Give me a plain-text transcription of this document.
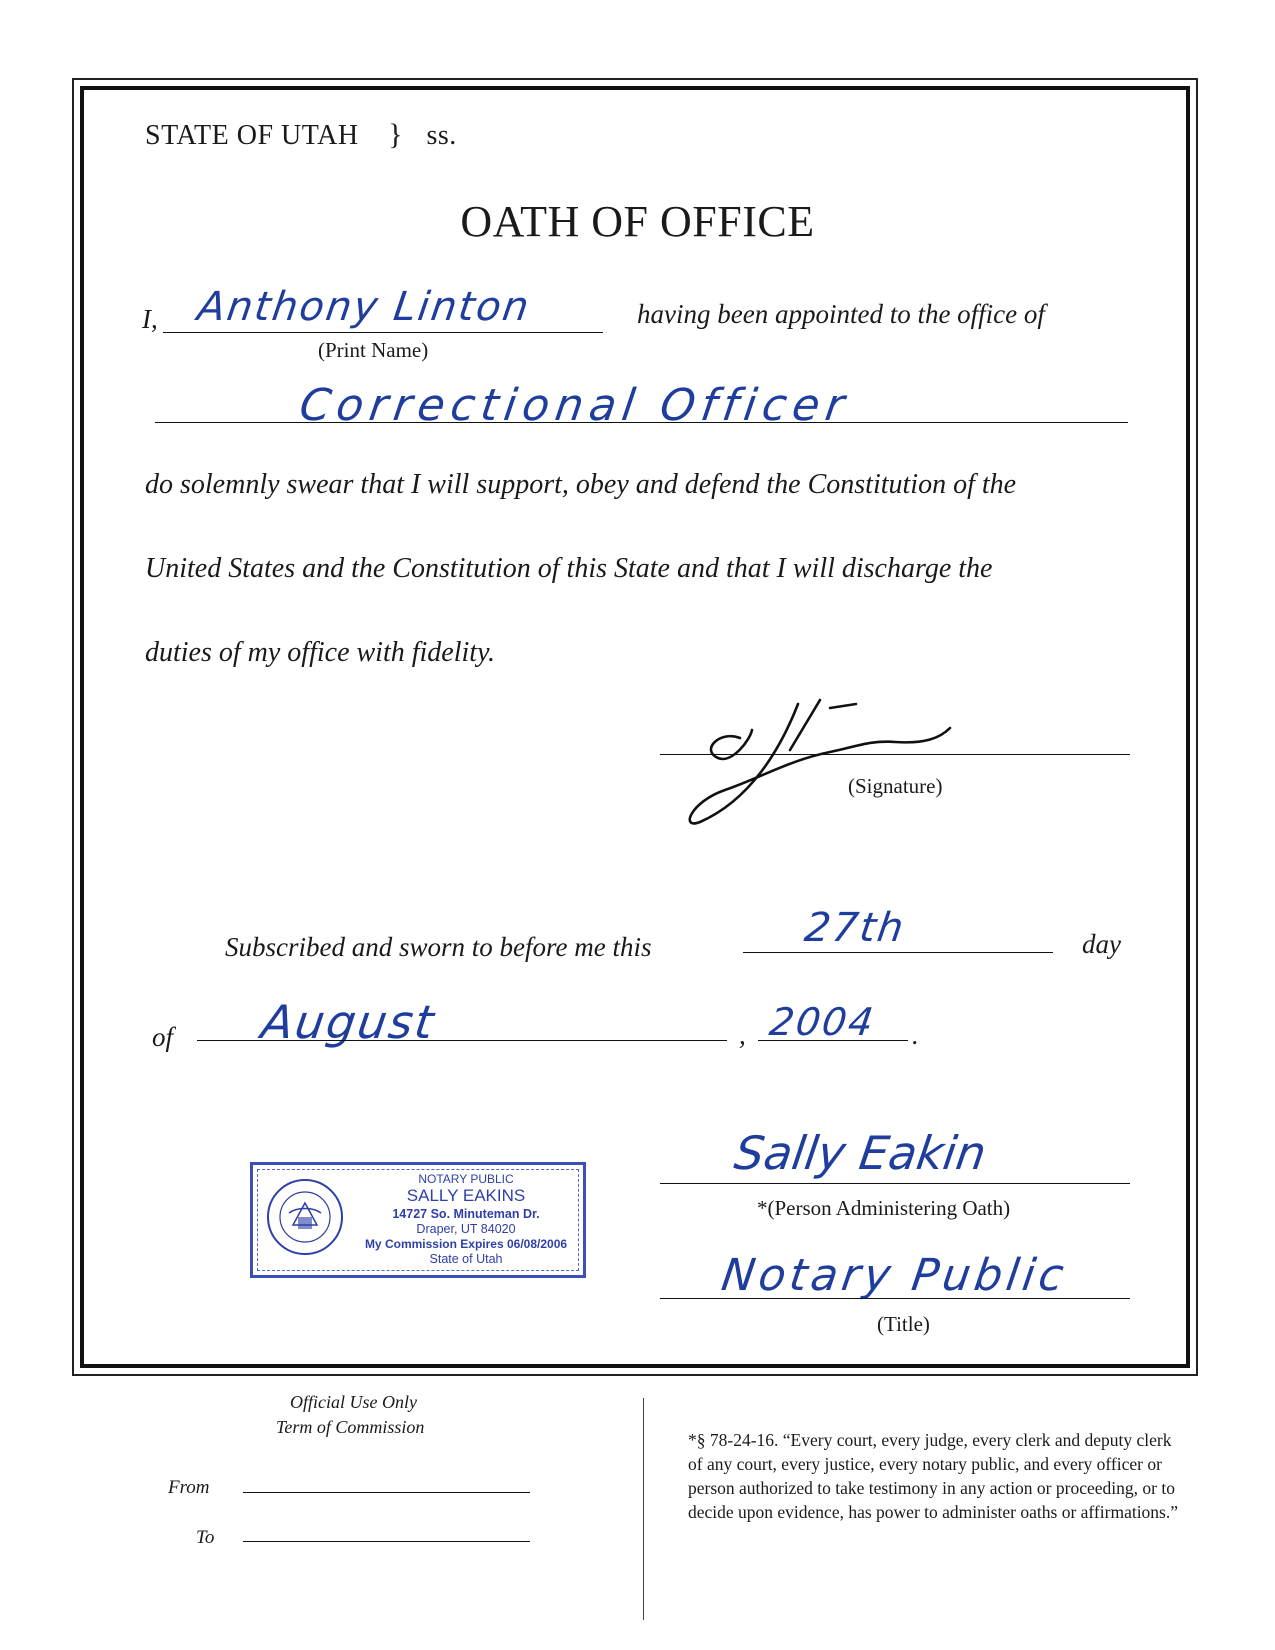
STATE OF UTAH } ss.
OATH OF OFFICE
I, Anthony Linton
(Print Name)
having been appointed to the office of
Correctional Officer
do solemnly swear that I will support, obey and defend the Constitution of the
United States and the Constitution of this State and that I will discharge the
duties of my office with fidelity.
(Signature)
Subscribed and sworn to before me this	27th	day
of August	, 2004 .
NOTARY PUBLIC
SALLY EAKINS
14727 So. Minuteman Dr.
Draper, UT 84020
My Commission Expires 06/08/2006
State of Utah
Sally Eakin
*(Person Administering Oath)
Notary Public
(Title)
Official Use Only
Term of Commission
From
To
*§ 78-24-16. “Every court, every judge, every clerk and deputy clerk of any court, every justice, every notary public, and every officer or person authorized to take testimony in any action or proceeding, or to decide upon evidence, has power to administer oaths or affirmations.”
